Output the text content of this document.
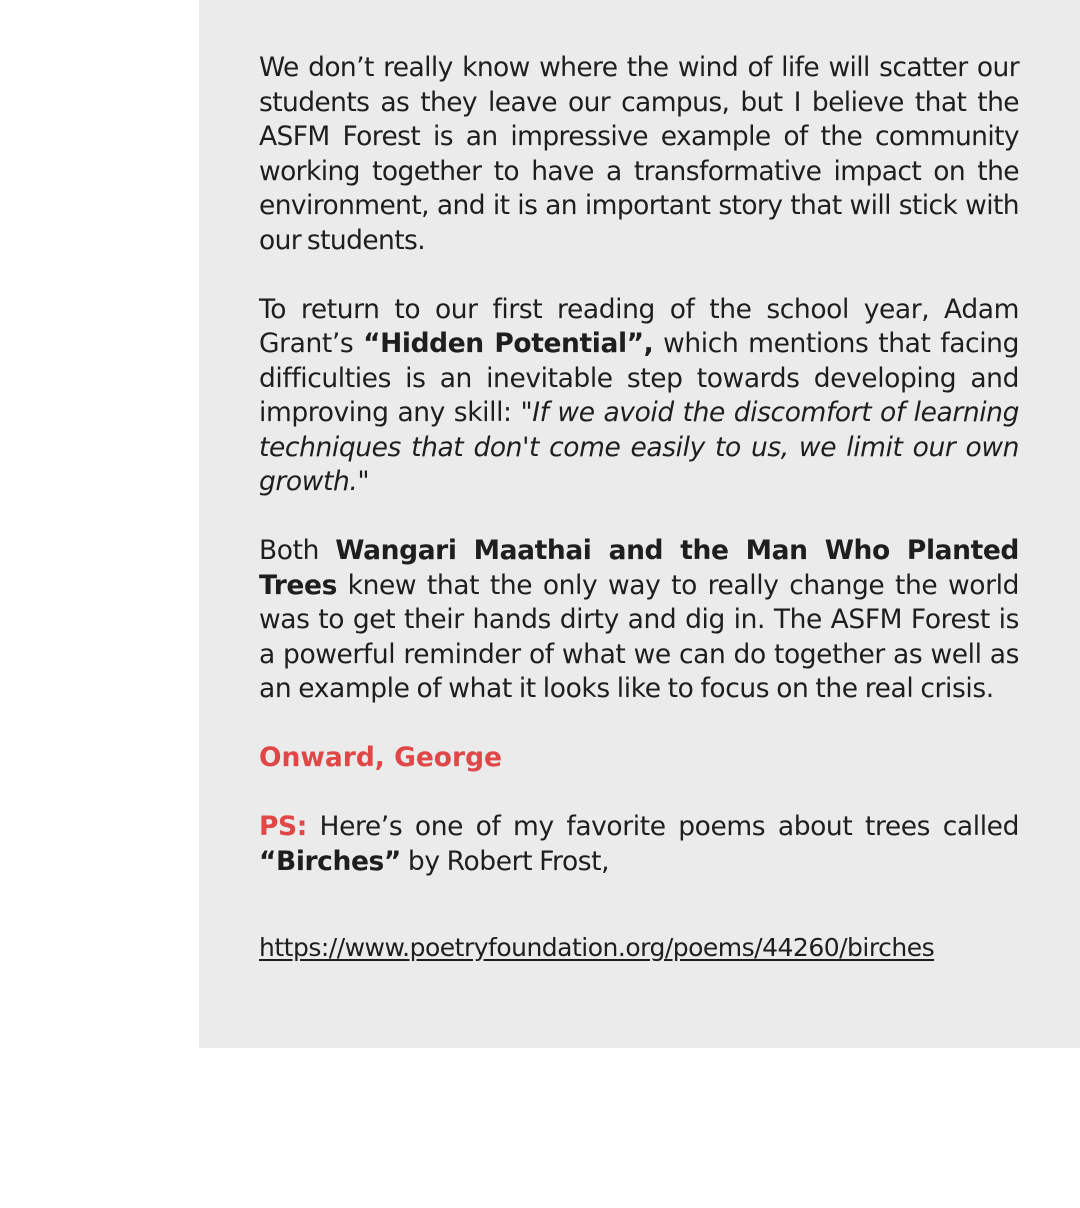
We don’t really know where the wind of life will scatter our students as they leave our campus, but I believe that the ASFM Forest is an impressive example of the community working together to have a transformative impact on the environment, and it is an important story that will stick with our students.

To return to our first reading of the school year, Adam Grant’s “Hidden Potential”, which mentions that facing difficulties is an inevitable step towards developing and improving any skill: "If we avoid the discomfort of learning techniques that don't come easily to us, we limit our own growth."

Both Wangari Maathai and the Man Who Planted Trees knew that the only way to really change the world was to get their hands dirty and dig in. The ASFM Forest is a powerful reminder of what we can do together as well as an example of what it looks like to focus on the real crisis.

Onward, George

PS: Here’s one of my favorite poems about trees called “Birches” by Robert Frost,

https://www.poetryfoundation.org/poems/44260/birches
